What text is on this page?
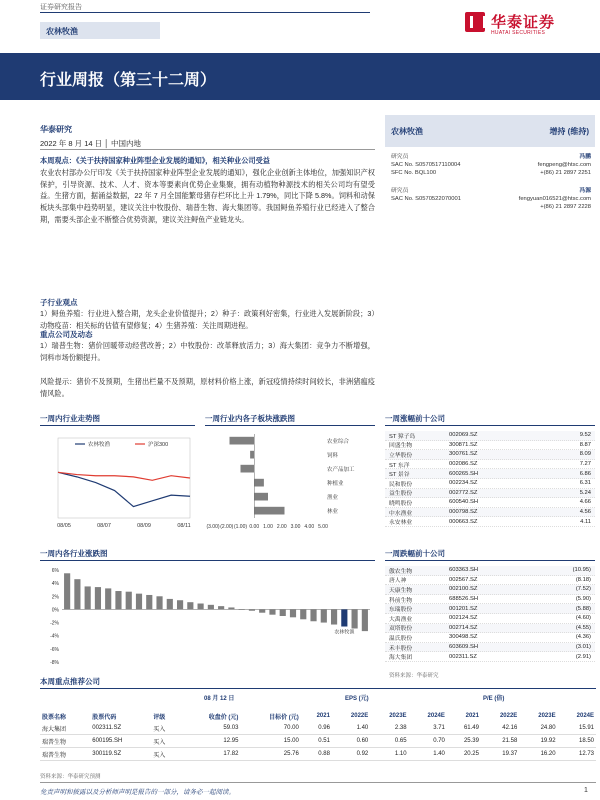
证券研究报告
农林牧渔
华泰证券
HUATAI SECURITIES
行业周报（第三十二周）
华泰研究
2022 年 8 月 14 日 │ 中国内地
本周观点：《关于扶持国家种业阵型企业发展的通知》，相关种业公司受益
农业农村部办公厅印发《关于扶持国家种业阵型企业发展的通知》，强化企业创新主体地位，加强知识产权保护，引导资源、技术、人才、资本等要素向优势企业集聚，拥有动植物种源技术的相关公司均有望受益。生猪方面，据涌益数据，22 年 7 月全国能繁母猪存栏环比上升 1.79%，同比下降 5.8%。饲料和动保板块头部集中趋势明显，建议关注中牧股份、瑞普生物、海大集团等。我国鲟鱼养殖行业已经进入了整合期，需要头部企业不断整合优势资源，建议关注鲟鱼产业链龙头。
子行业观点
1）鲟鱼养殖：行业进入整合期，龙头企业价值提升；2）种子：政策利好密集，行业进入发展新阶段；3）动物疫苗：相关标的估值有望修复；4）生猪养殖：关注周期进程。
重点公司及动态
1）瑞普生物：猪价回暖带动经营改善；2）中牧股份：改革释放活力；3）海大集团：竞争力不断增强，饲料市场份额提升。
风险提示：猪价不及预期，生猪出栏量不及预期，原材料价格上涨，新冠疫情持续时间较长，非洲猪瘟疫情风险。
农林牧渔	增持 (维持)
研究员	冯鹏
SAC No. S0570517110004	fengpeng@htsc.com
SFC No. BQL100	+(86) 21 2897 2251
研究员	冯源
SAC No. S0570522070001	fengyuan016521@htsc.com
+(86) 21 2897 2228
一周内行业走势图	一周行业内各子板块涨跌图	一周涨幅前十公司
农林牧渔	沪深300
08/05	08/07	08/09	08/11
农业综合
饲料
农产品加工
种植业
渔业
林业
(3.00) (2.00) (1.00) 0.00 1.00 2.00 3.00 4.00 5.00
ST 獐子岛	002069.SZ	9.52
回盛生物	300871.SZ	8.87
立华股份	300761.SZ	8.09
ST 东洋	002086.SZ	7.27
ST 景谷	600265.SH	6.86
民和股份	002234.SZ	6.31
益生股份	002772.SZ	5.24
晓鸣股份	600540.SH	4.66
中水渔业	000798.SZ	4.56
永安林业	000663.SZ	4.11
一周内各行业涨跌图
6%
4%
2%
0%
-2%
-4%
-6%
-8%
农林牧渔
一周跌幅前十公司
傲农生物	603363.SH	(10.95)
唐人神	002567.SZ	(8.18)
天康生物	002100.SZ	(7.52)
科前生物	688526.SH	(5.90)
东瑞股份	001201.SZ	(5.88)
大禹渔业	002124.SZ	(4.60)
双塔股份	002714.SZ	(4.55)
温氏股份	300498.SZ	(4.36)
禾丰股份	603609.SH	(3.01)
海大集团	002311.SZ	(2.91)
资料来源：华泰研究
本周重点推荐公司
08 月 12 日	EPS (元)	P/E (倍)
股票名称	股票代码	评级	收盘价 (元)	目标价 (元)	2021	2022E	2023E	2024E	2021	2022E	2023E	2024E
海大集团	002311.SZ	买入	59.03	70.00	0.96	1.40	2.38	3.71	61.49	42.16	24.80	15.91
瑞普生物	600195.SH	买入	12.95	15.00	0.51	0.60	0.65	0.70	25.39	21.58	19.92	18.50
瑞普生物	300119.SZ	买入	17.82	25.76	0.88	0.92	1.10	1.40	20.25	19.37	16.20	12.73
资料来源：华泰研究预测
免责声明和披露以及分析师声明是报告的一部分，请务必一起阅读。	1
